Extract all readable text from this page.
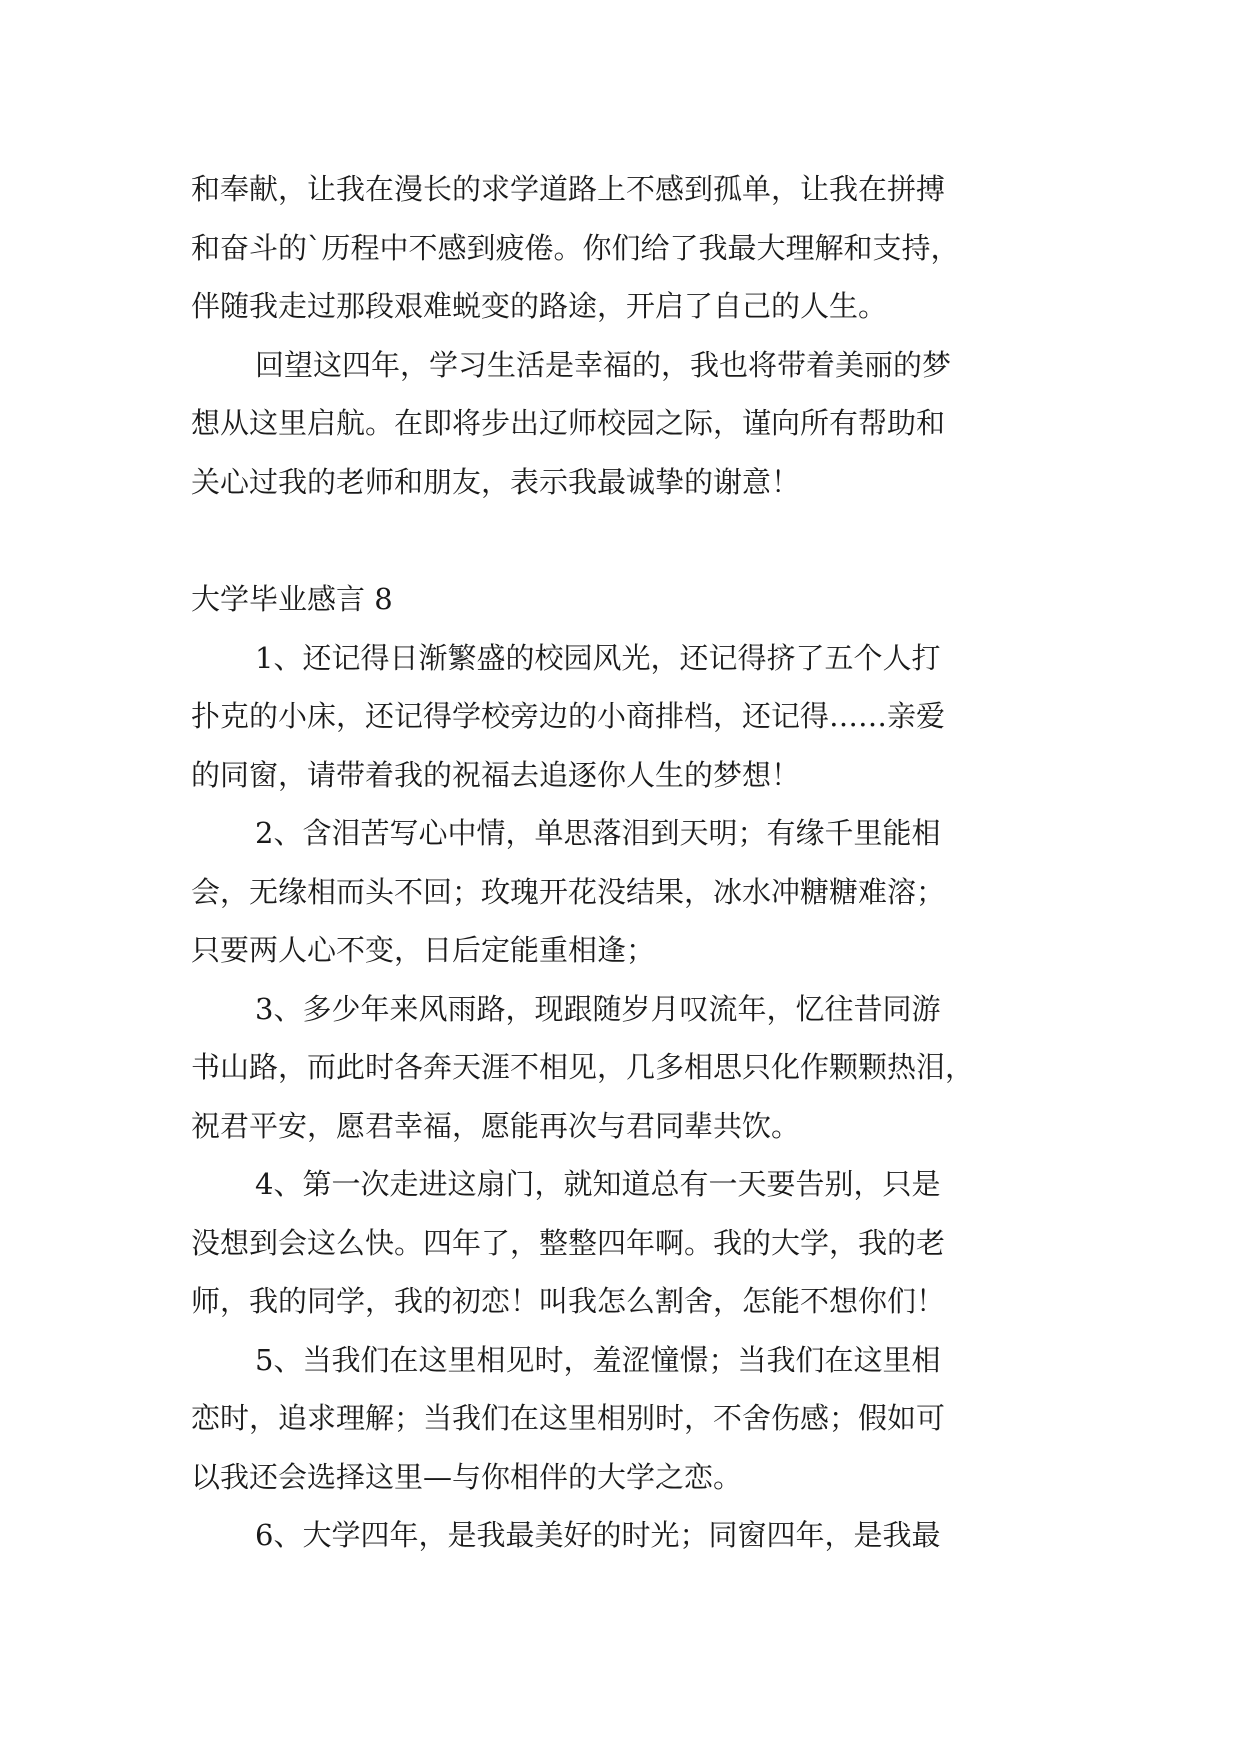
和奉献，让我在漫长的求学道路上不感到孤单，让我在拼搏
和奋斗的`历程中不感到疲倦。你们给了我最大理解和支持，
伴随我走过那段艰难蜕变的路途，开启了自己的人生。
回望这四年，学习生活是幸福的，我也将带着美丽的梦
想从这里启航。在即将步出辽师校园之际，谨向所有帮助和
关心过我的老师和朋友，表示我最诚挚的谢意！
大学毕业感言 8
1、还记得日渐繁盛的校园风光，还记得挤了五个人打
扑克的小床，还记得学校旁边的小商排档，还记得……亲爱
的同窗，请带着我的祝福去追逐你人生的梦想！
2、含泪苦写心中情，单思落泪到天明；有缘千里能相
会，无缘相而头不回；玫瑰开花没结果，冰水冲糖糖难溶；
只要两人心不变，日后定能重相逢；
3、多少年来风雨路，现跟随岁月叹流年，忆往昔同游
书山路，而此时各奔天涯不相见，几多相思只化作颗颗热泪，
祝君平安，愿君幸福，愿能再次与君同辈共饮。
4、第一次走进这扇门，就知道总有一天要告别，只是
没想到会这么快。四年了，整整四年啊。我的大学，我的老
师，我的同学，我的初恋！叫我怎么割舍，怎能不想你们！
5、当我们在这里相见时，羞涩憧憬；当我们在这里相
恋时，追求理解；当我们在这里相别时，不舍伤感；假如可
以我还会选择这里—与你相伴的大学之恋。
6、大学四年，是我最美好的时光；同窗四年，是我最
